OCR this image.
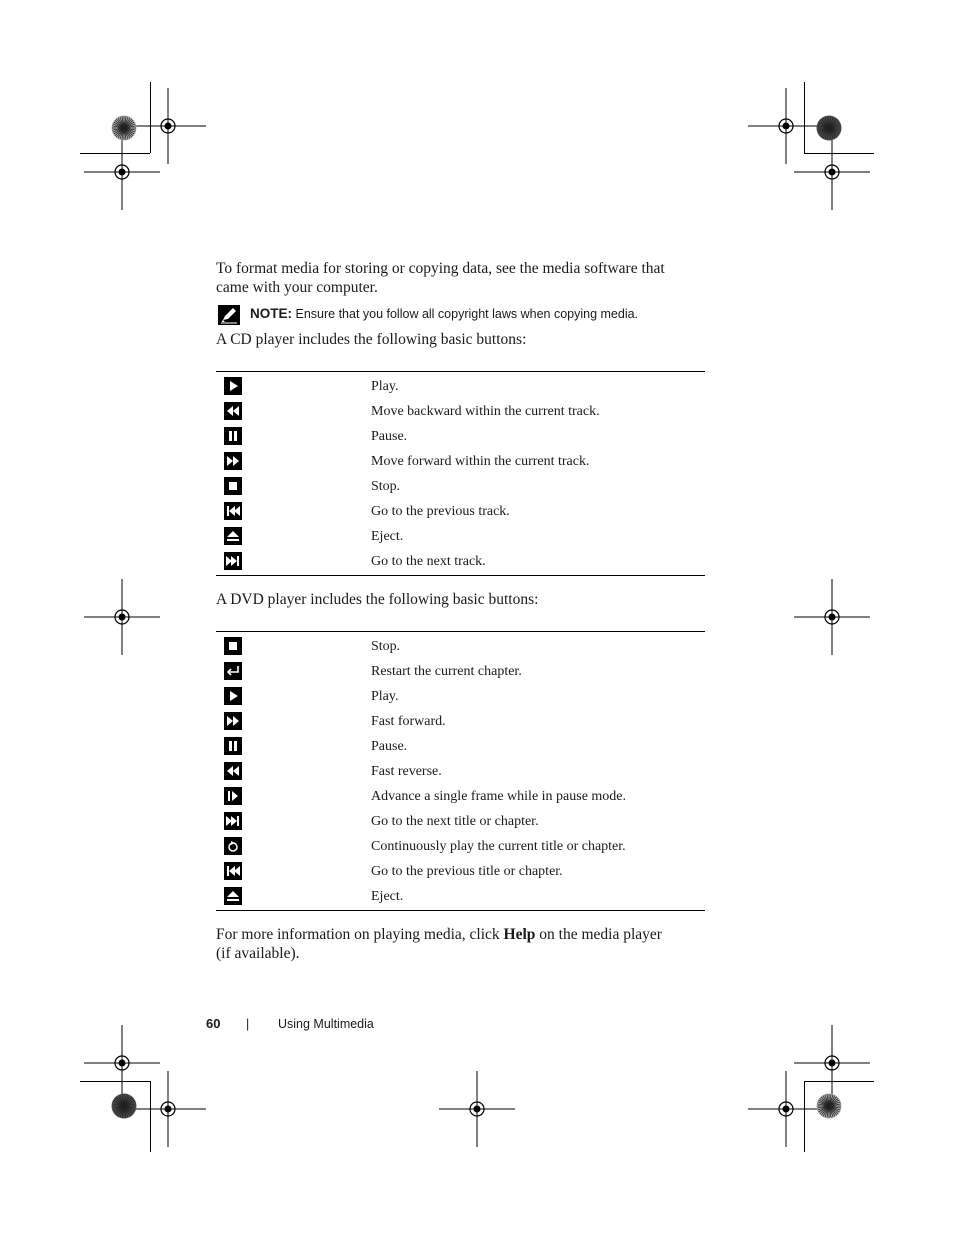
To format media for storing or copying data, see the media software that
came with your computer.
NOTE: Ensure that you follow all copyright laws when copying media.
A CD player includes the following basic buttons:
Play.
Move backward within the current track.
Pause.
Move forward within the current track.
Stop.
Go to the previous track.
Eject.
Go to the next track.
A DVD player includes the following basic buttons:
Stop.
Restart the current chapter.
Play.
Fast forward.
Pause.
Fast reverse.
Advance a single frame while in pause mode.
Go to the next title or chapter.
Continuously play the current title or chapter.
Go to the previous title or chapter.
Eject.
For more information on playing media, click Help on the media player
(if available).
60 | Using Multimedia
